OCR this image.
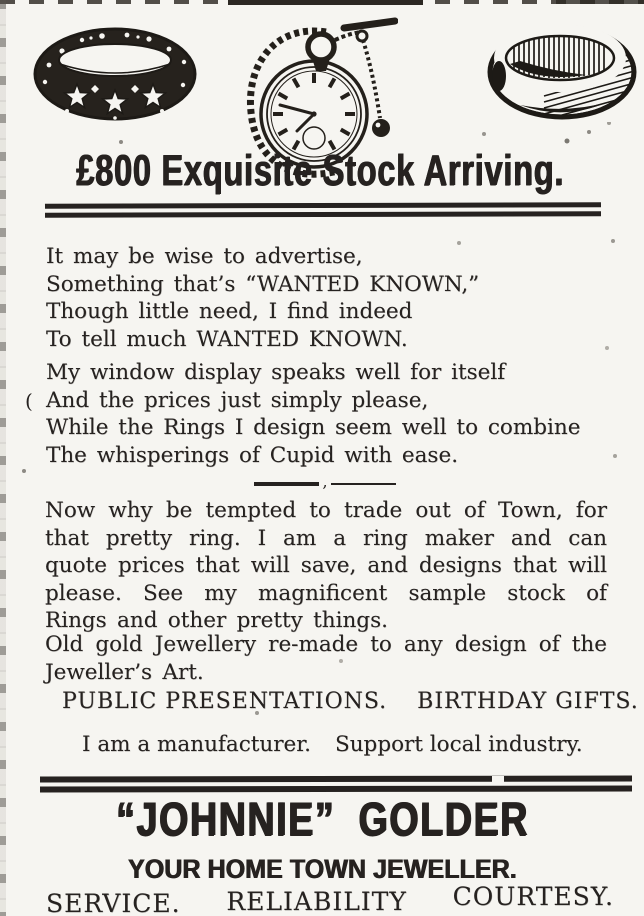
£800 Exquisite Stock Arriving.
It may be wise to advertise,
Something that’s “WANTED KNOWN,”
Though little need, I find indeed
To tell much WANTED KNOWN.
(
My window display speaks well for itself
And the prices just simply please,
While the Rings I design seem well to combine
The whisperings of Cupid with ease.
,

Now why be tempted to trade out of Town, for that pretty ring. I am a ring maker and can quote prices that will save, and designs that will please. See my magnificent sample stock of Rings and other pretty things.

Old gold Jewellery re-made to any design of the Jeweller’s Art.

PUBLIC PRESENTATIONS. BIRTHDAY GIFTS.
I am a manufacturer. Support local industry.
“JOHNNIE” GOLDER
YOUR HOME TOWN JEWELLER.
SERVICE. RELIABILITY COURTESY.
